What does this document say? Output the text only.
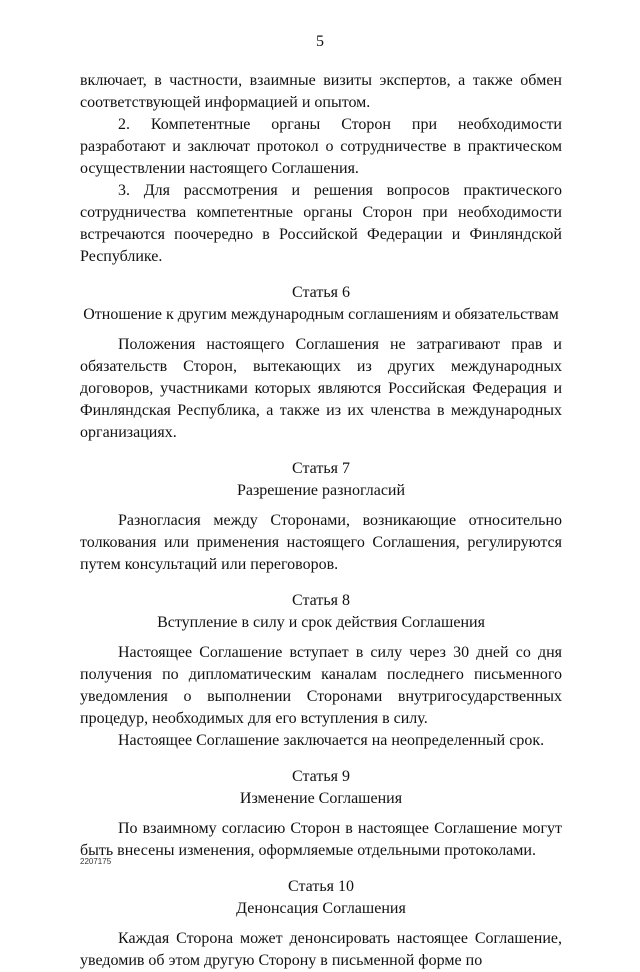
5

включает, в частности, взаимные визиты экспертов, а также обмен соответствующей информацией и опытом.

2. Компетентные органы Сторон при необходимости разработают и заключат протокол о сотрудничестве в практическом осуществлении настоящего Соглашения.

3. Для рассмотрения и решения вопросов практического сотрудничества компетентные органы Сторон при необходимости встречаются поочередно в Российской Федерации и Финляндской Республике.

Статья 6
Отношение к другим международным соглашениям и обязательствам

Положения настоящего Соглашения не затрагивают прав и обязательств Сторон, вытекающих из других международных договоров, участниками которых являются Российская Федерация и Финляндская Республика, а также из их членства в международных организациях.

Статья 7
Разрешение разногласий

Разногласия между Сторонами, возникающие относительно толкования или применения настоящего Соглашения, регулируются путем консультаций или переговоров.

Статья 8
Вступление в силу и срок действия Соглашения

Настоящее Соглашение вступает в силу через 30 дней со дня получения по дипломатическим каналам последнего письменного уведомления о выполнении Сторонами внутригосударственных процедур, необходимых для его вступления в силу.

Настоящее Соглашение заключается на неопределенный срок.

Статья 9
Изменение Соглашения

По взаимному согласию Сторон в настоящее Соглашение могут быть внесены изменения, оформляемые отдельными протоколами.

Статья 10
Денонсация Соглашения

Каждая Сторона может денонсировать настоящее Соглашение, уведомив об этом другую Сторону в письменной форме по

2207175
